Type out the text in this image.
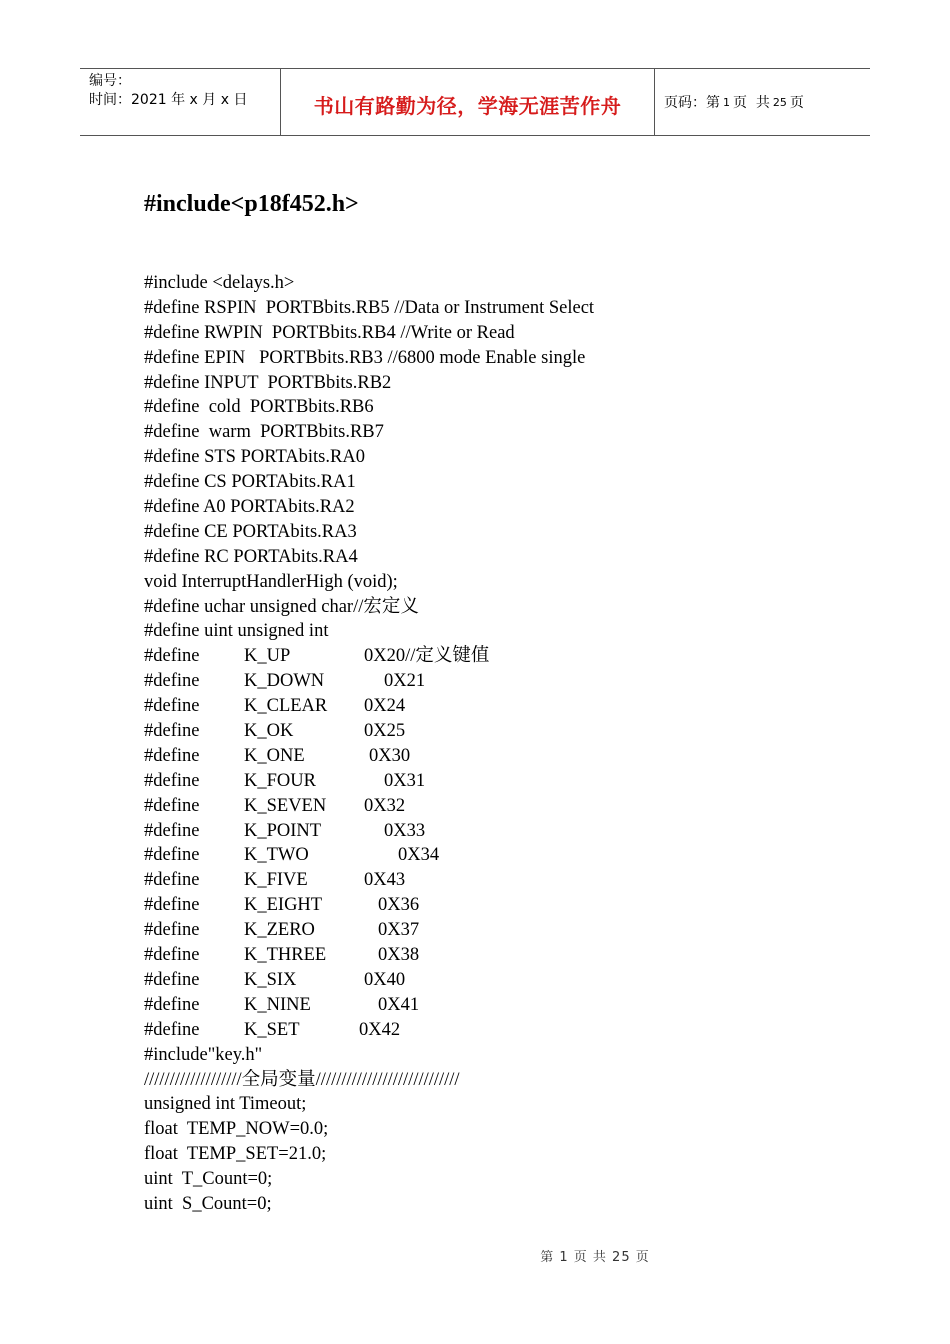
编号：
时间：2021 年 x 月 x 日	书山有路勤为径，学海无涯苦作舟	页码：第 1 页  共 25 页
#include<p18f452.h>
#include <delays.h>
#define RSPIN  PORTBbits.RB5 //Data or Instrument Select
#define RWPIN  PORTBbits.RB4 //Write or Read
#define EPIN   PORTBbits.RB3 //6800 mode Enable single
#define INPUT  PORTBbits.RB2
#define  cold  PORTBbits.RB6
#define  warm  PORTBbits.RB7
#define STS PORTAbits.RA0
#define CS PORTAbits.RA1
#define A0 PORTAbits.RA2
#define CE PORTAbits.RA3
#define RC PORTAbits.RA4
void InterruptHandlerHigh (void);
#define uchar unsigned char//宏定义
#define uint unsigned int
#define K_UP	0X20//定义键值
#define K_DOWN	0X21
#define K_CLEAR 0X24
#define K_OK	0X25
#define K_ONE	0X30
#define K_FOUR	0X31
#define K_SEVEN 0X32
#define K_POINT	0X33
#define K_TWO	0X34
#define K_FIVE	0X43
#define K_EIGHT	0X36
#define K_ZERO	0X37
#define K_THREE	0X38
#define K_SIX	0X40
#define K_NINE	0X41
#define K_SET	0X42
#include"key.h"
///////////////////全局变量////////////////////////////
unsigned int Timeout;
float  TEMP_NOW=0.0;
float  TEMP_SET=21.0;
uint  T_Count=0;
uint  S_Count=0;
第 1 页 共 25 页
